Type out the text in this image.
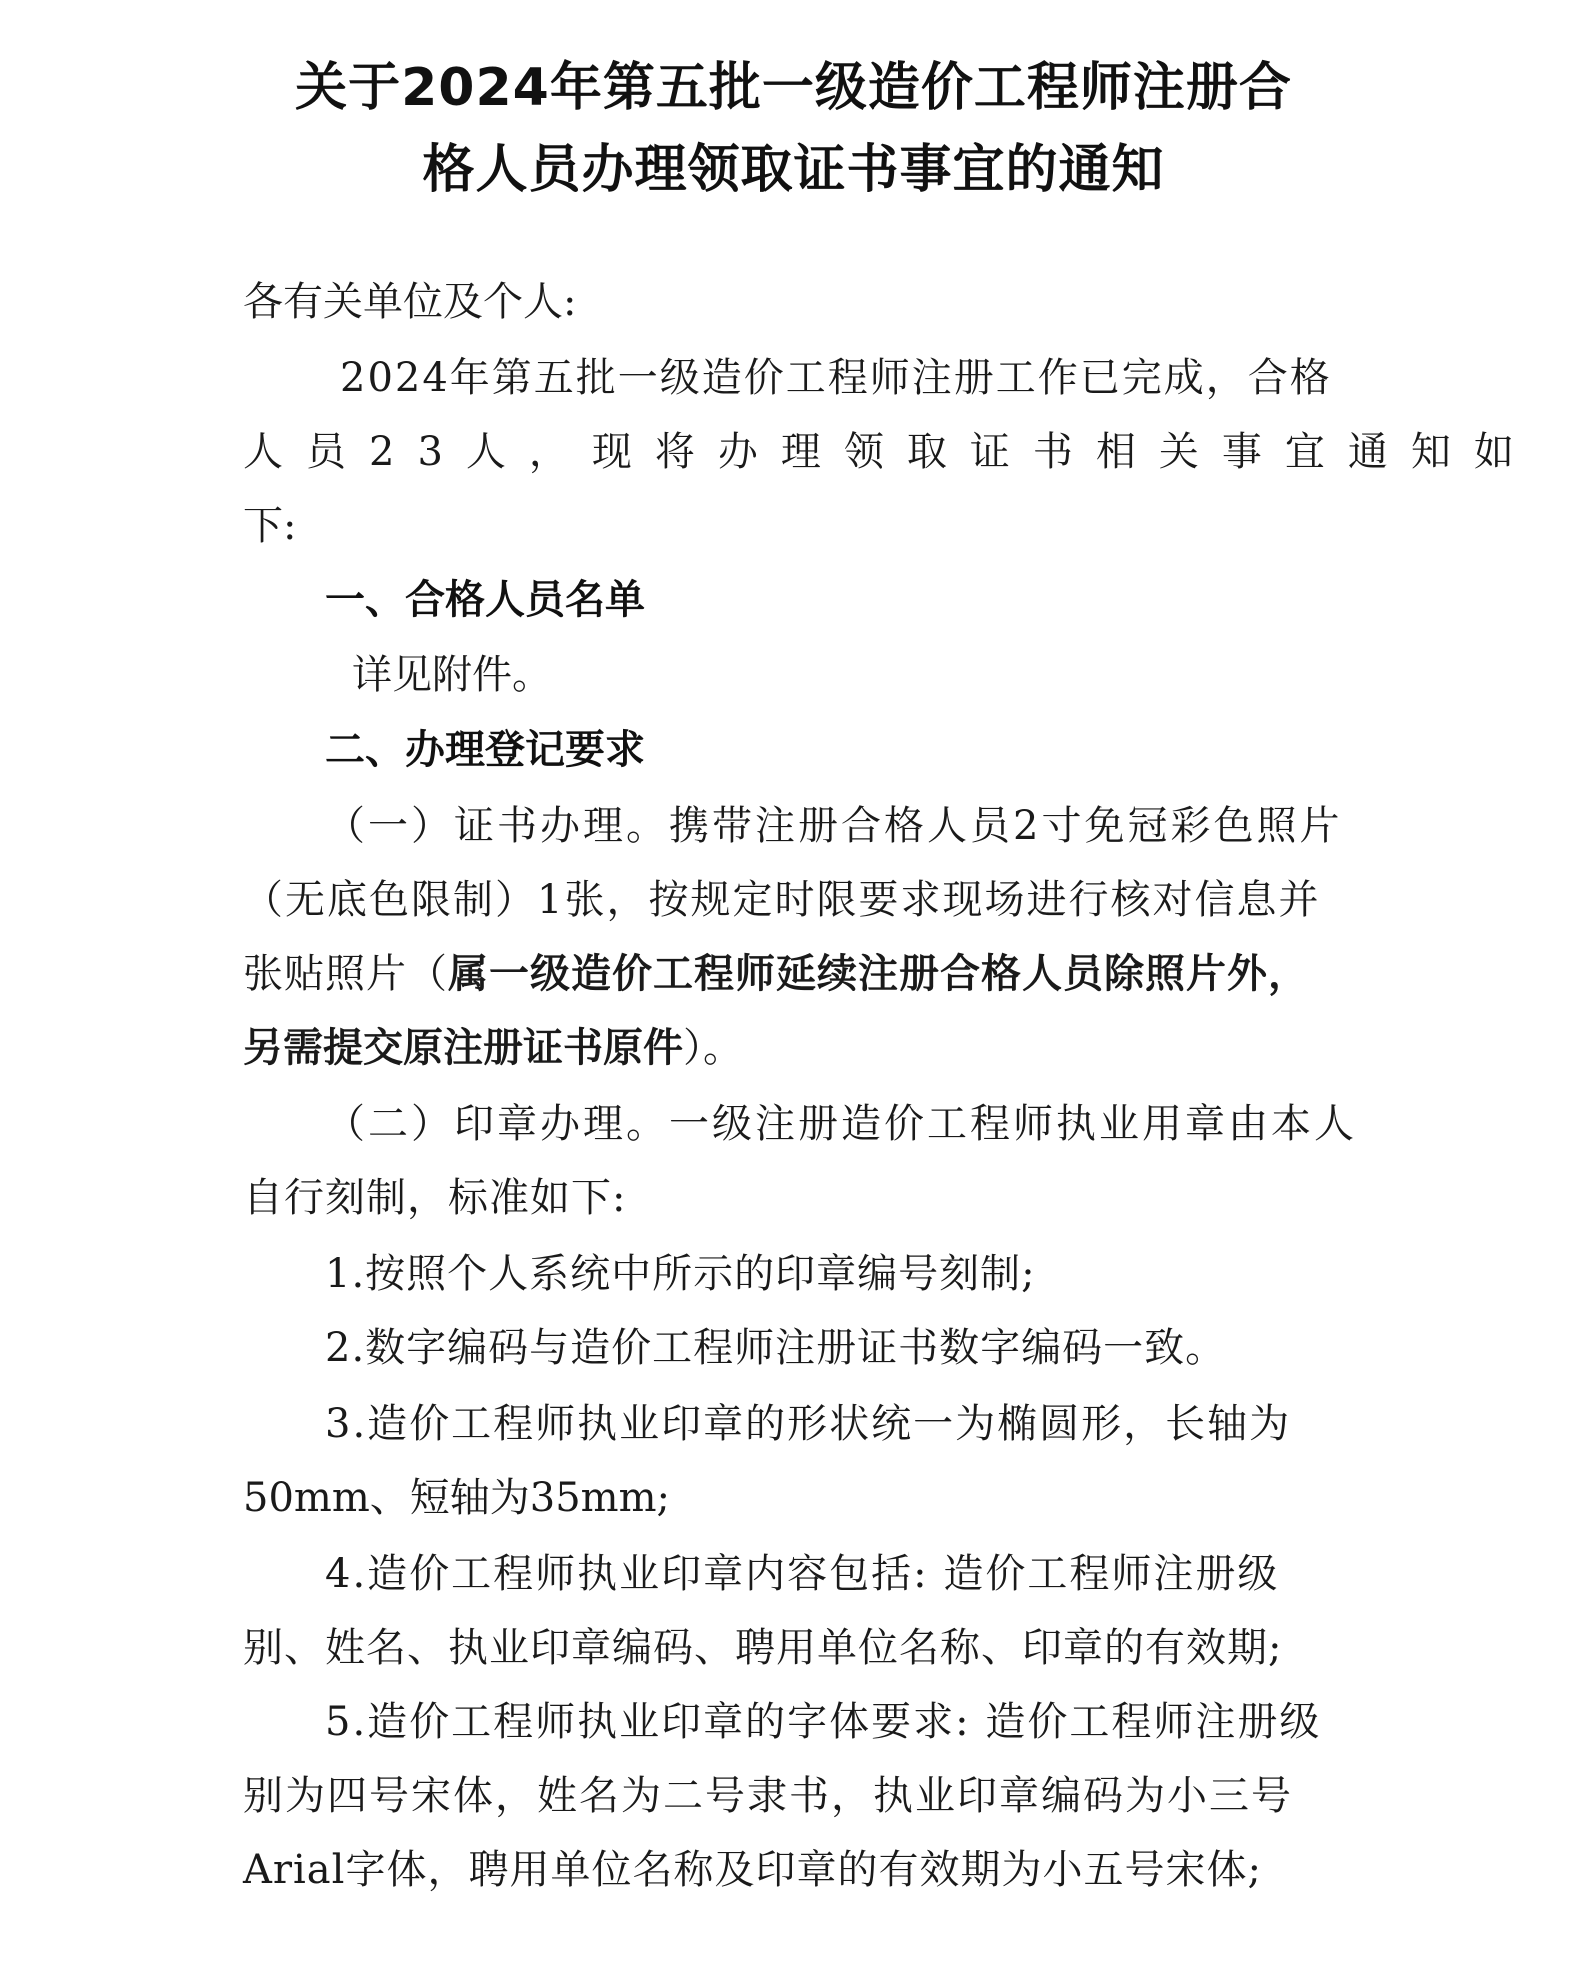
关于2024年第五批一级造价工程师注册合
格人员办理领取证书事宜的通知
各有关单位及个人:
2024年第五批一级造价工程师注册工作已完成，合格
人员23人，现将办理领取证书相关事宜通知如
下:
一、合格人员名单
详见附件。
二、办理登记要求
（一）证书办理。携带注册合格人员2寸免冠彩色照片
（无底色限制）1张，按规定时限要求现场进行核对信息并
张贴照片（属一级造价工程师延续注册合格人员除照片外，
另需提交原注册证书原件）。
（二）印章办理。一级注册造价工程师执业用章由本人
自行刻制，标准如下:
1.按照个人系统中所示的印章编号刻制;
2.数字编码与造价工程师注册证书数字编码一致。
3.造价工程师执业印章的形状统一为椭圆形，长轴为
50mm、短轴为35mm;
4.造价工程师执业印章内容包括: 造价工程师注册级
别、姓名、执业印章编码、聘用单位名称、印章的有效期;
5.造价工程师执业印章的字体要求: 造价工程师注册级
别为四号宋体，姓名为二号隶书，执业印章编码为小三号
Arial字体，聘用单位名称及印章的有效期为小五号宋体;
